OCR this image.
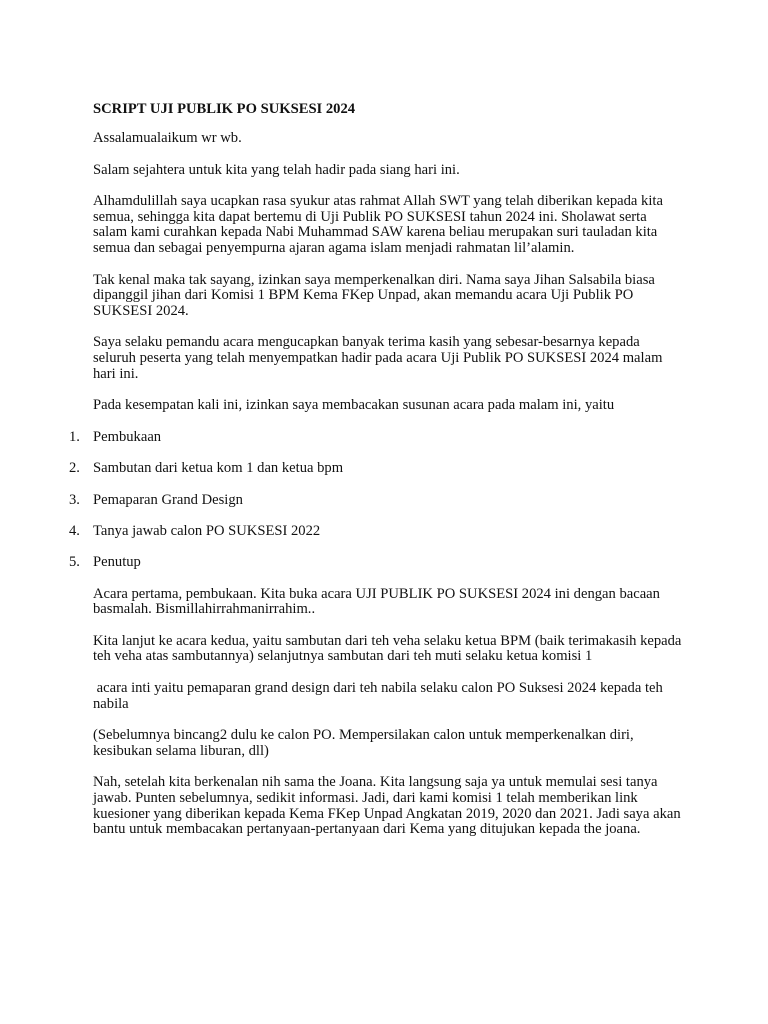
SCRIPT UJI PUBLIK PO SUKSESI 2024

Assalamualaikum wr wb.

Salam sejahtera untuk kita yang telah hadir pada siang hari ini.

Alhamdulillah saya ucapkan rasa syukur atas rahmat Allah SWT yang telah diberikan kepada kita semua, sehingga kita dapat bertemu di Uji Publik PO SUKSESI tahun 2024 ini. Sholawat serta salam kami curahkan kepada Nabi Muhammad SAW karena beliau merupakan suri tauladan kita semua dan sebagai penyempurna ajaran agama islam menjadi rahmatan lil’alamin.

Tak kenal maka tak sayang, izinkan saya memperkenalkan diri. Nama saya Jihan Salsabila biasa dipanggil jihan dari Komisi 1 BPM Kema FKep Unpad, akan memandu acara Uji Publik PO SUKSESI 2024.

Saya selaku pemandu acara mengucapkan banyak terima kasih yang sebesar-besarnya kepada seluruh peserta yang telah menyempatkan hadir pada acara Uji Publik PO SUKSESI 2024 malam hari ini.

Pada kesempatan kali ini, izinkan saya membacakan susunan acara pada malam ini, yaitu

1. Pembukaan
2. Sambutan dari ketua kom 1 dan ketua bpm
3. Pemaparan Grand Design
4. Tanya jawab calon PO SUKSESI 2022
5. Penutup

Acara pertama, pembukaan. Kita buka acara UJI PUBLIK PO SUKSESI 2024 ini dengan bacaan basmalah. Bismillahirrahmanirrahim..

Kita lanjut ke acara kedua, yaitu sambutan dari teh veha selaku ketua BPM (baik terimakasih kepada teh veha atas sambutannya) selanjutnya sambutan dari teh muti selaku ketua komisi 1

acara inti yaitu pemaparan grand design dari teh nabila selaku calon PO Suksesi 2024 kepada teh nabila

(Sebelumnya bincang2 dulu ke calon PO. Mempersilakan calon untuk memperkenalkan diri, kesibukan selama liburan, dll)

Nah, setelah kita berkenalan nih sama the Joana. Kita langsung saja ya untuk memulai sesi tanya jawab. Punten sebelumnya, sedikit informasi. Jadi, dari kami komisi 1 telah memberikan link kuesioner yang diberikan kepada Kema FKep Unpad Angkatan 2019, 2020 dan 2021. Jadi saya akan bantu untuk membacakan pertanyaan-pertanyaan dari Kema yang ditujukan kepada the joana.
